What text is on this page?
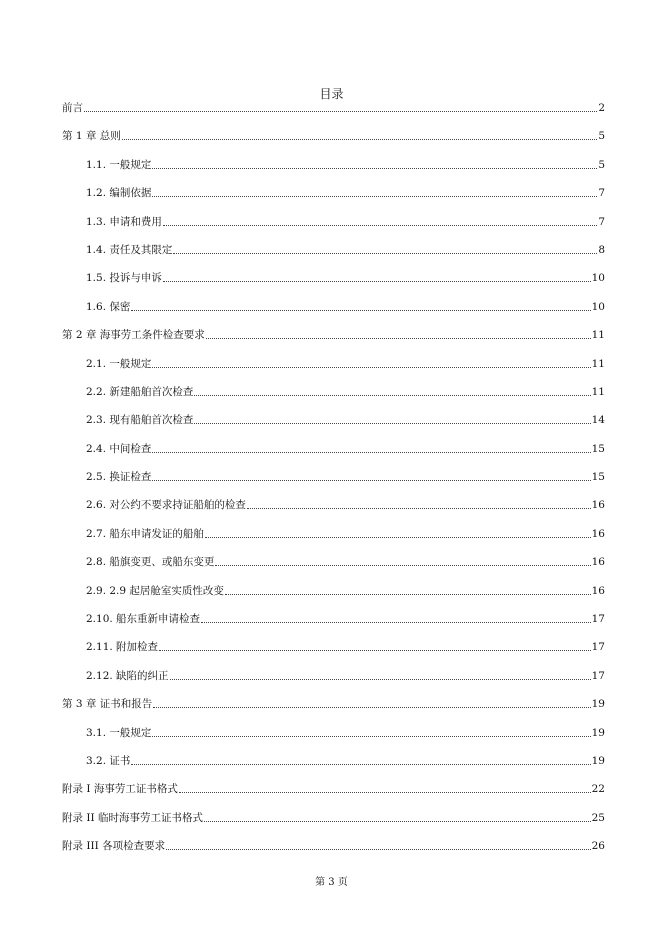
目录
前言	2
第 1 章 总则	5
1.1. 一般规定	5
1.2. 编制依据	7
1.3. 申请和费用	7
1.4. 责任及其限定	8
1.5. 投诉与申诉	10
1.6. 保密	10
第 2 章 海事劳工条件检查要求	11
2.1. 一般规定	11
2.2. 新建船舶首次检查	11
2.3. 现有船舶首次检查	14
2.4. 中间检查	15
2.5. 换证检查	15
2.6. 对公约不要求持证船舶的检查	16
2.7. 船东申请发证的船舶	16
2.8. 船旗变更、或船东变更	16
2.9. 2.9 起居舱室实质性改变	16
2.10. 船东重新申请检查	17
2.11. 附加检查	17
2.12. 缺陷的纠正	17
第 3 章 证书和报告	19
3.1. 一般规定	19
3.2. 证书	19
附录 I 海事劳工证书格式	22
附录 II 临时海事劳工证书格式	25
附录 III 各项检查要求	26
第 3 页
